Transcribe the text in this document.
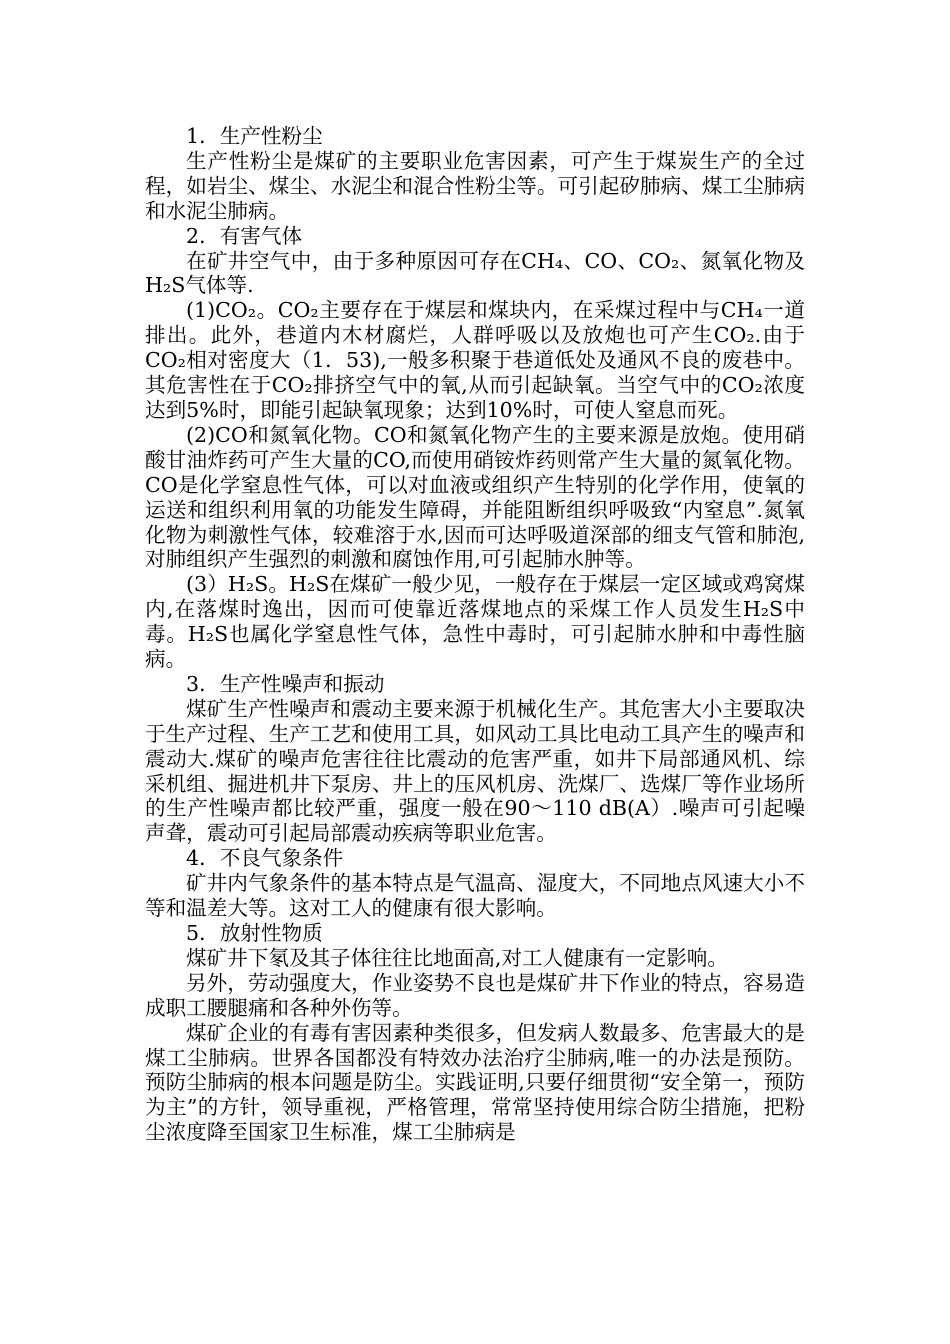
1．生产性粉尘

生产性粉尘是煤矿的主要职业危害因素，可产生于煤炭生产的全过程，如岩尘、煤尘、水泥尘和混合性粉尘等。可引起矽肺病、煤工尘肺病和水泥尘肺病。

2．有害气体

在矿井空气中，由于多种原因可存在CH₄、CO、CO₂、氮氧化物及H₂S气体等.

(1)CO₂。CO₂主要存在于煤层和煤块内，在采煤过程中与CH₄一道排出。此外，巷道内木材腐烂，人群呼吸以及放炮也可产生CO₂.由于CO₂相对密度大（1．53),一般多积聚于巷道低处及通风不良的废巷中。其危害性在于CO₂排挤空气中的氧,从而引起缺氧。当空气中的CO₂浓度达到5%时，即能引起缺氧现象；达到10%时，可使人窒息而死。

(2)CO和氮氧化物。CO和氮氧化物产生的主要来源是放炮。使用硝酸甘油炸药可产生大量的CO,而使用硝铵炸药则常产生大量的氮氧化物。CO是化学窒息性气体，可以对血液或组织产生特别的化学作用，使氧的运送和组织利用氧的功能发生障碍，并能阻断组织呼吸致“内窒息”.氮氧化物为刺激性气体，较难溶于水,因而可达呼吸道深部的细支气管和肺泡,对肺组织产生强烈的刺激和腐蚀作用,可引起肺水肿等。

(3）H₂S。H₂S在煤矿一般少见，一般存在于煤层一定区域或鸡窝煤内,在落煤时逸出，因而可使靠近落煤地点的采煤工作人员发生H₂S中毒。H₂S也属化学窒息性气体，急性中毒时，可引起肺水肿和中毒性脑病。

3．生产性噪声和振动

煤矿生产性噪声和震动主要来源于机械化生产。其危害大小主要取决于生产过程、生产工艺和使用工具，如风动工具比电动工具产生的噪声和震动大.煤矿的噪声危害往往比震动的危害严重，如井下局部通风机、综采机组、掘进机井下泵房、井上的压风机房、洗煤厂、选煤厂等作业场所的生产性噪声都比较严重，强度一般在90～110 dB(A）.噪声可引起噪声聋，震动可引起局部震动疾病等职业危害。

4．不良气象条件

矿井内气象条件的基本特点是气温高、湿度大，不同地点风速大小不等和温差大等。这对工人的健康有很大影响。

5．放射性物质

煤矿井下氡及其子体往往比地面高,对工人健康有一定影响。

另外，劳动强度大，作业姿势不良也是煤矿井下作业的特点，容易造成职工腰腿痛和各种外伤等。

煤矿企业的有毒有害因素种类很多，但发病人数最多、危害最大的是煤工尘肺病。世界各国都没有特效办法治疗尘肺病,唯一的办法是预防。预防尘肺病的根本问题是防尘。实践证明,只要仔细贯彻“安全第一，预防为主”的方针，领导重视，严格管理，常常坚持使用综合防尘措施，把粉尘浓度降至国家卫生标准，煤工尘肺病是
